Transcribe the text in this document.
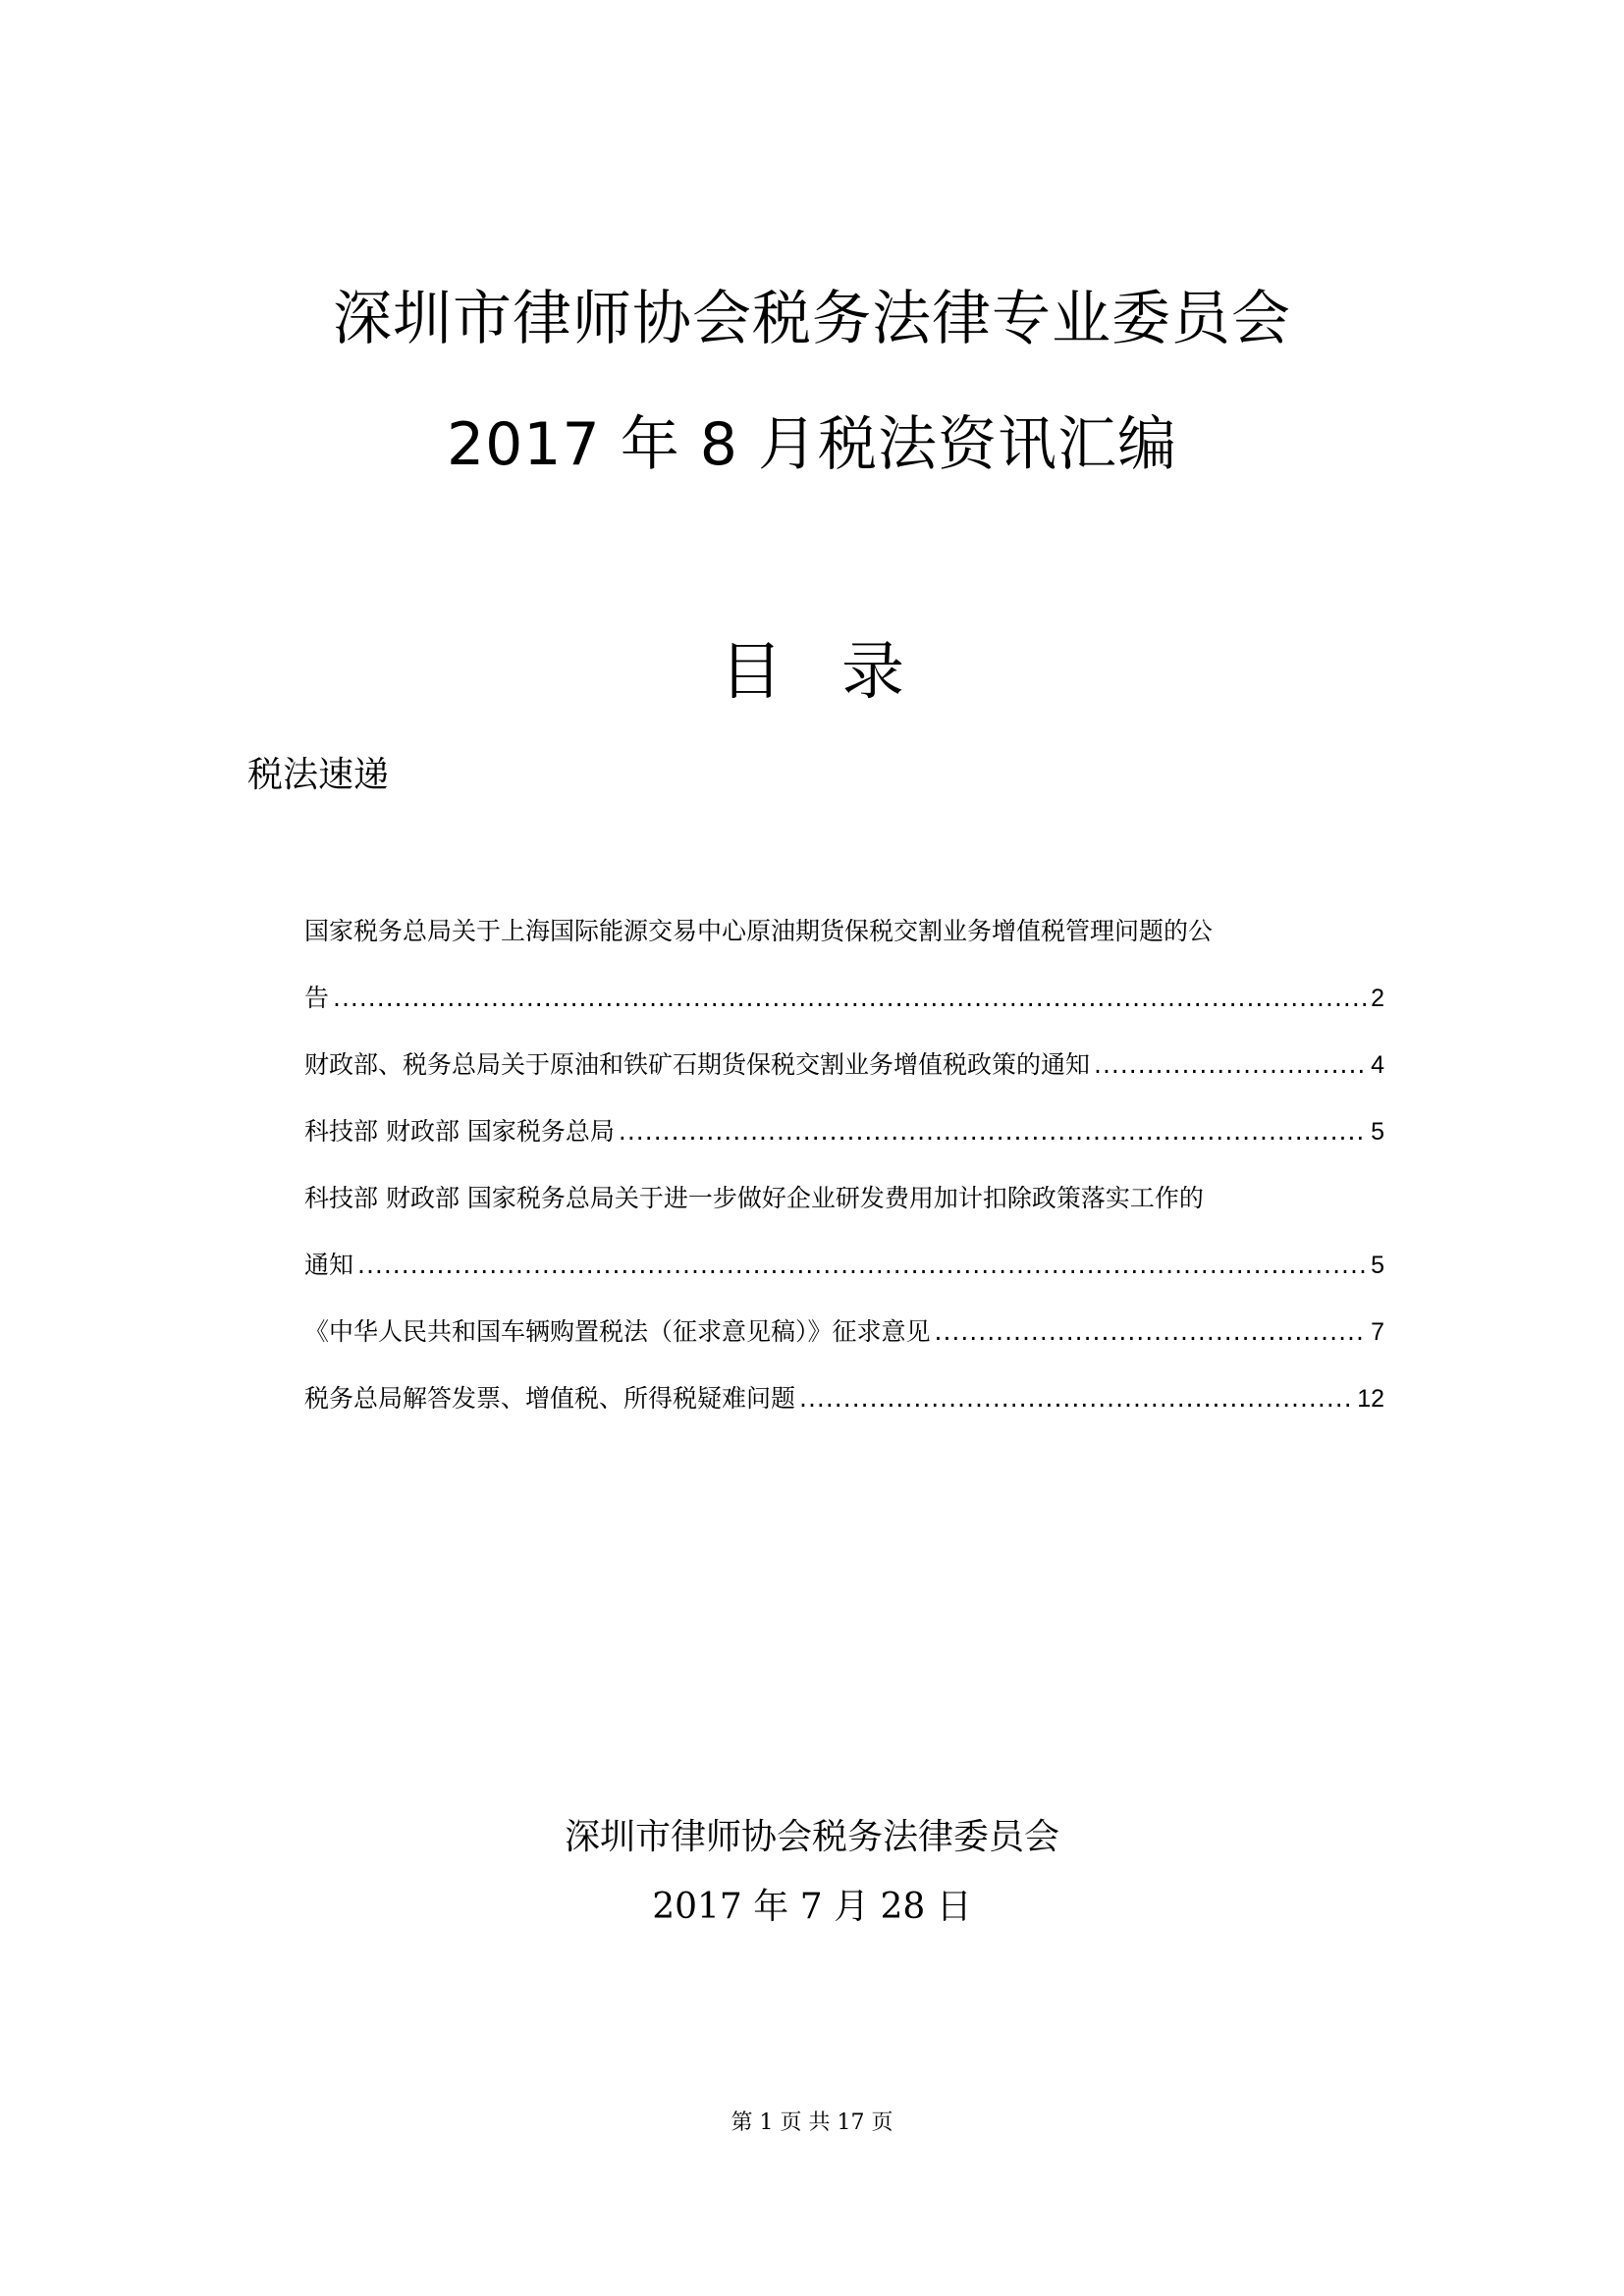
深圳市律师协会税务法律专业委员会
2017 年 8 月税法资讯汇编
目录
税法速递
国家税务总局关于上海国际能源交易中心原油期货保税交割业务增值税管理问题的公
告 .....	2
财政部、税务总局关于原油和铁矿石期货保税交割业务增值税政策的通知 .....	4
科技部 财政部 国家税务总局 .....	5
科技部 财政部 国家税务总局关于进一步做好企业研发费用加计扣除政策落实工作的
通知 .....	5
《中华人民共和国车辆购置税法（征求意见稿）》征求意见 .....	7
税务总局解答发票、增值税、所得税疑难问题 .....	12
深圳市律师协会税务法律委员会
2017 年 7 月 28 日
第 1 页 共 17 页
